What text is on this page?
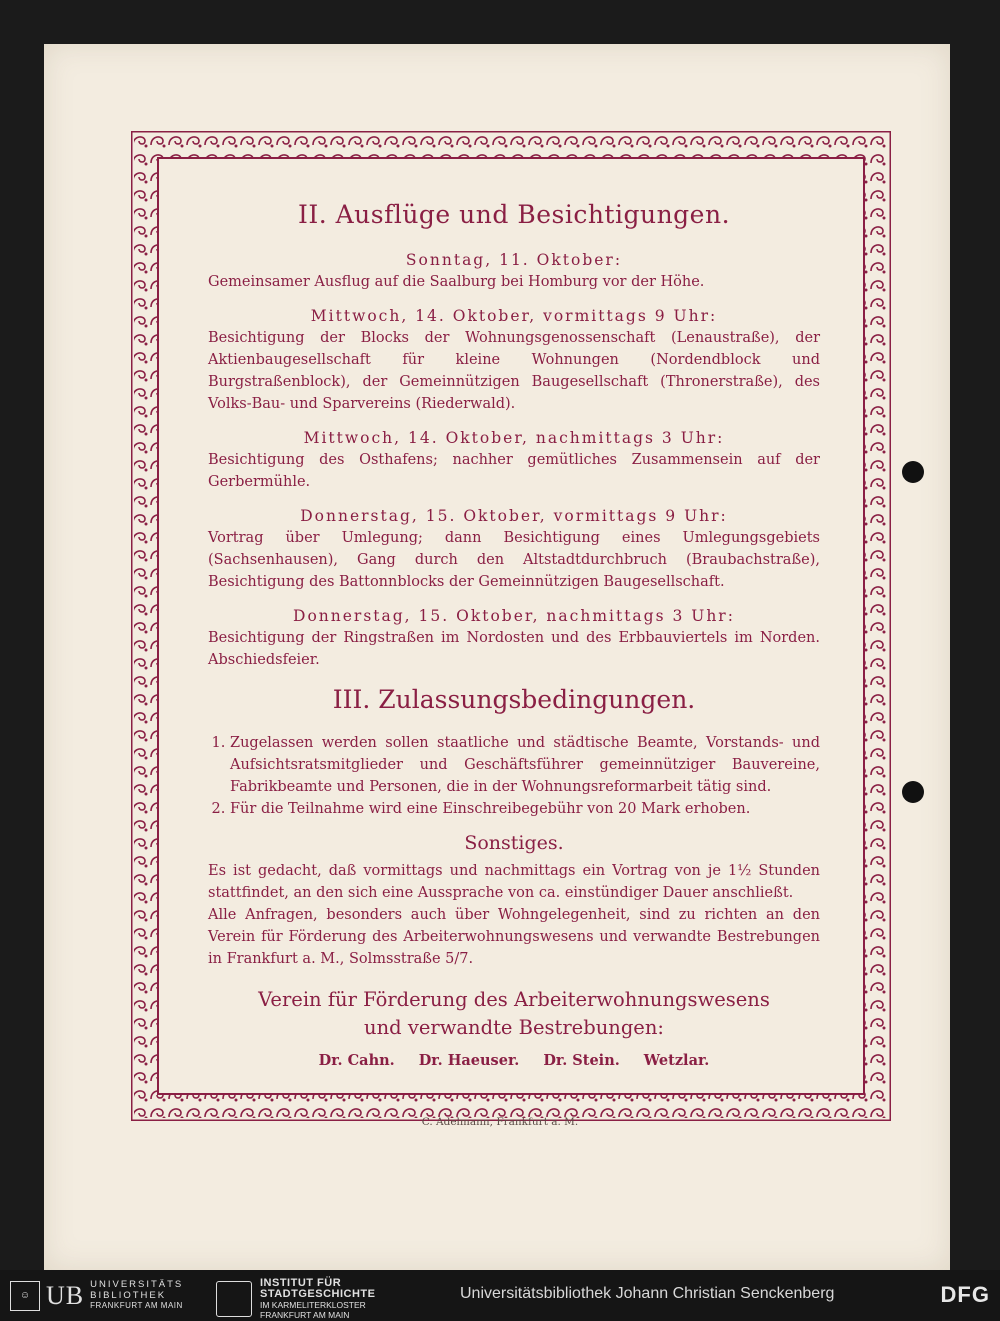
II. Ausflüge und Besichtigungen.
Sonntag, 11. Oktober:
Gemeinsamer Ausflug auf die Saalburg bei Homburg vor der Höhe.
Mittwoch, 14. Oktober, vormittags 9 Uhr:
Besichtigung der Blocks der Wohnungsgenossenschaft (Lenaustraße), der Aktienbaugesellschaft für kleine Wohnungen (Nordendblock und Burgstraßenblock), der Gemeinnützigen Baugesellschaft (Thronerstraße), des Volks-Bau- und Sparvereins (Riederwald).
Mittwoch, 14. Oktober, nachmittags 3 Uhr:
Besichtigung des Osthafens; nachher gemütliches Zusammensein auf der Gerbermühle.
Donnerstag, 15. Oktober, vormittags 9 Uhr:
Vortrag über Umlegung; dann Besichtigung eines Umlegungsgebiets (Sachsenhausen), Gang durch den Altstadtdurchbruch (Braubachstraße), Besichtigung des Battonnblocks der Gemeinnützigen Baugesellschaft.
Donnerstag, 15. Oktober, nachmittags 3 Uhr:
Besichtigung der Ringstraßen im Nordosten und des Erbbauviertels im Norden. Abschiedsfeier.
III. Zulassungsbedingungen.
1. Zugelassen werden sollen staatliche und städtische Beamte, Vorstands- und Aufsichtsratsmitglieder und Geschäftsführer gemeinnütziger Bauvereine, Fabrikbeamte und Personen, die in der Wohnungsreformarbeit tätig sind.
2. Für die Teilnahme wird eine Einschreibegebühr von 20 Mark erhoben.
Sonstiges.
Es ist gedacht, daß vormittags und nachmittags ein Vortrag von je 1½ Stunden stattfindet, an den sich eine Aussprache von ca. einstündiger Dauer anschließt.
Alle Anfragen, besonders auch über Wohngelegenheit, sind zu richten an den Verein für Förderung des Arbeiterwohnungswesens und verwandte Bestrebungen in Frankfurt a. M., Solmsstraße 5/7.
Verein für Förderung des Arbeiterwohnungswesens
und verwandte Bestrebungen:
Dr. Cahn. Dr. Haeuser. Dr. Stein. Wetzlar.
C. Adelmann, Frankfurt a. M.
☺ UB UNIVERSITÄTS
BIBLIOTHEK
FRANKFURT AM MAIN
INSTITUT FÜR
STADTGESCHICHTE
IM KARMELITERKLOSTER
FRANKFURT AM MAIN
Universitätsbibliothek Johann Christian Senckenberg	DFG
